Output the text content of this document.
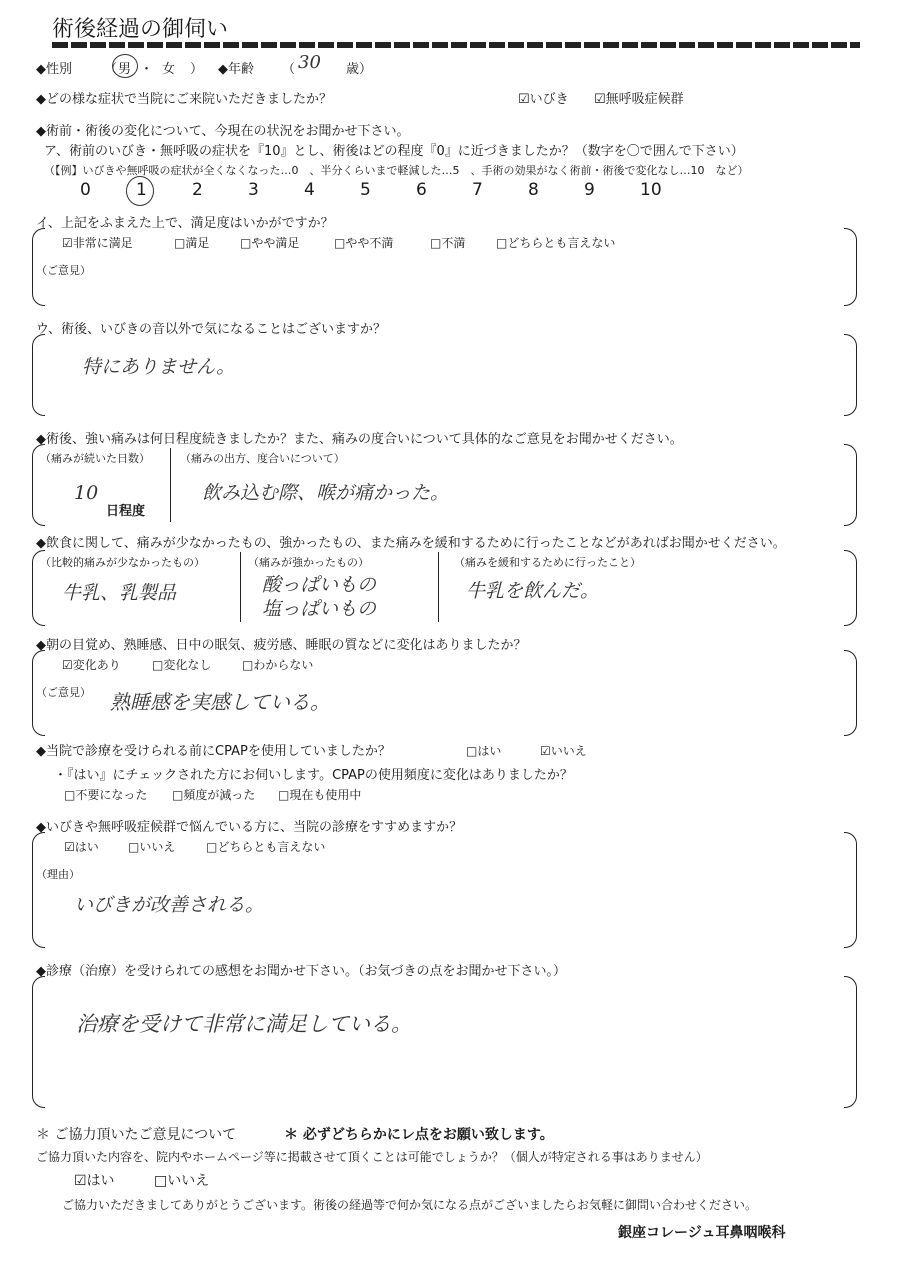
術後経過の御伺い
◆性別 （ 男 ・ 女 ） ◆年齢 （ 30 歳）
◆どの様な症状で当院にご来院いただきましたか？	☑いびき ☑無呼吸症候群
◆術前・術後の変化について、今現在の状況をお聞かせ下さい。
ア、術前のいびき・無呼吸の症状を『10』とし、術後はどの程度『0』に近づきましたか？（数字を〇で囲んで下さい）
（【例】いびきや無呼吸の症状が全くなくなった…0　、半分くらいまで軽減した…5　、手術の効果がなく術前・術後で変化なし…10　など）
0	1	2	3	4	5	6	7	8	9	10
イ、上記をふまえた上で、満足度はいかがですか？
☑非常に満足	□満足	□やや満足	□やや不満	□不満	□どちらとも言えない
（ご意見）
ウ、術後、いびきの音以外で気になることはございますか？
特にありません。
◆術後、強い痛みは何日程度続きましたか？また、痛みの度合いについて具体的なご意見をお聞かせください。
（痛みが続いた日数）
10
日程度
（痛みの出方、度合いについて）
飲み込む際、喉が痛かった。
◆飲食に関して、痛みが少なかったもの、強かったもの、また痛みを緩和するために行ったことなどがあればお聞かせください。
（比較的痛みが少なかったもの）
牛乳、乳製品
（痛みが強かったもの）
酸っぱいもの
塩っぱいもの
（痛みを緩和するために行ったこと）
牛乳を飲んだ。
◆朝の目覚め、熟睡感、日中の眠気、疲労感、睡眠の質などに変化はありましたか？
☑変化あり	□変化なし	□わからない
（ご意見） 熟睡感を実感している。
◆当院で診療を受けられる前にCPAPを使用していましたか？	□はい	☑いいえ
・『はい』にチェックされた方にお伺いします。CPAPの使用頻度に変化はありましたか？
□不要になった □頻度が減った □現在も使用中
◆いびきや無呼吸症候群で悩んでいる方に、当院の診療をすすめますか？
☑はい □いいえ	□どちらとも言えない
（理由）
いびきが改善される。
◆診療（治療）を受けられての感想をお聞かせ下さい。（お気づきの点をお聞かせ下さい。）
治療を受けて非常に満足している。
＊ ご協力頂いたご意見について	＊ 必ずどちらかにレ点をお願い致します。
ご協力頂いた内容を、院内やホームページ等に掲載させて頂くことは可能でしょうか？（個人が特定される事はありません）
☑はい	□いいえ
ご協力いただきましてありがとうございます。術後の経過等で何か気になる点がございましたらお気軽に御問い合わせください。
銀座コレージュ耳鼻咽喉科
